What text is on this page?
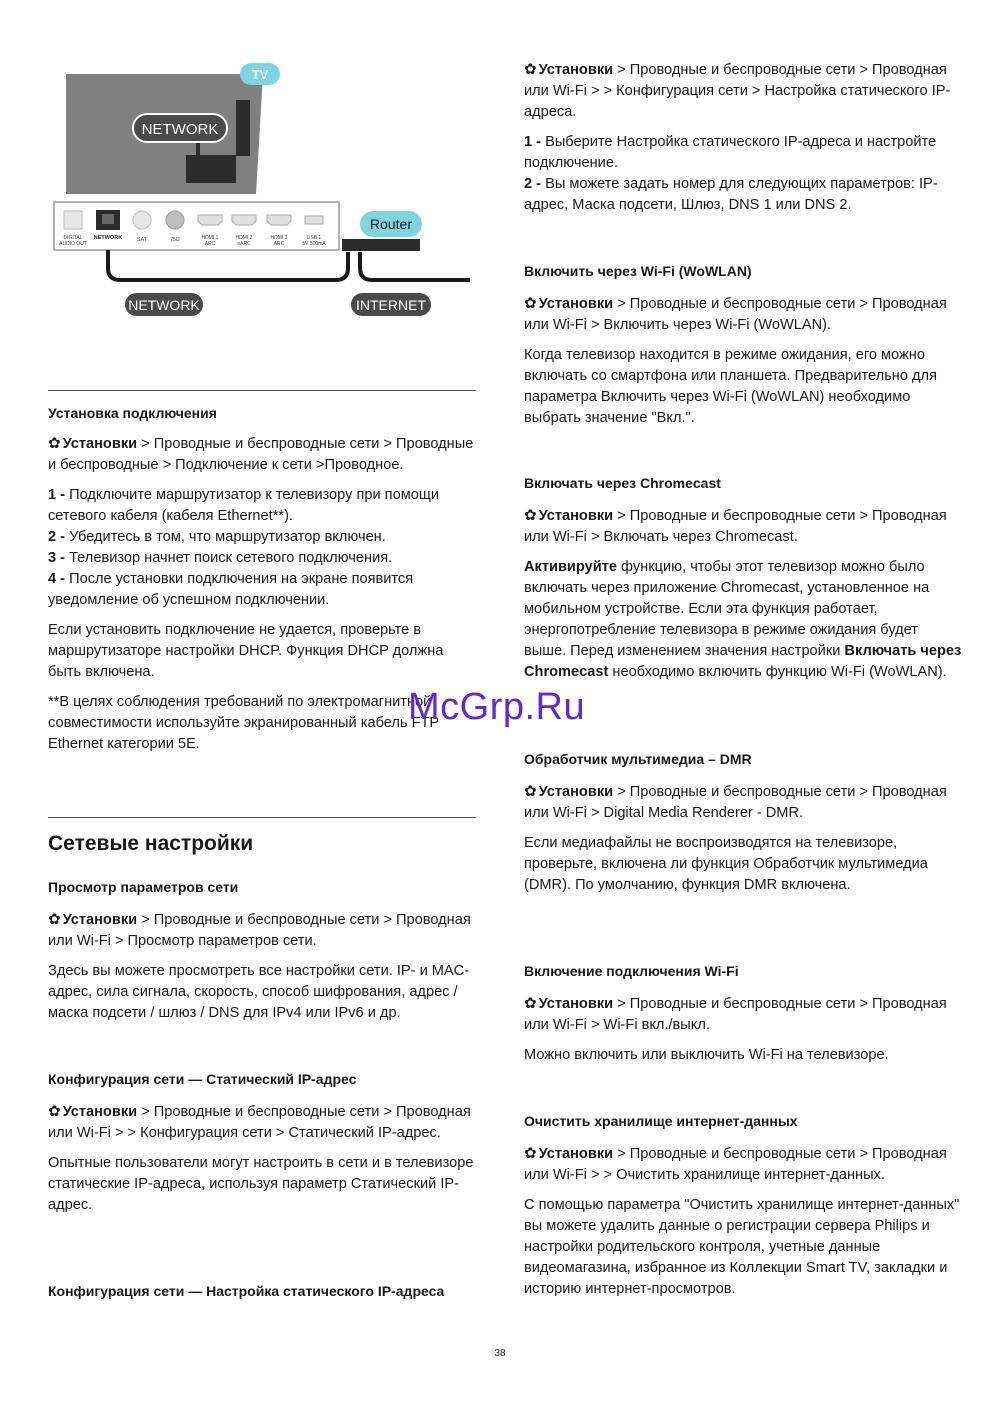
TV
NETWORK
DIGITAL
AUDIO OUT
NETWORK	SAT	75Ω	HDMI 1
ARC
HDMI 2
eARC
HDMI 3
ARC
USB 1
5V 500mA
Router
NETWORK	INTERNET

Установка подключения

✿ Установки > Проводные и беспроводные сети > Проводные и беспроводные > Подключение к сети >Проводное.

1 - Подключите маршрутизатор к телевизору при помощи сетевого кабеля (кабеля Ethernet**).
2 - Убедитесь в том, что маршрутизатор включен.
3 - Телевизор начнет поиск сетевого подключения.
4 - После установки подключения на экране появится уведомление об успешном подключении.

Если установить подключение не удается, проверьте в маршрутизаторе настройки DHCP. Функция DHCP должна быть включена.

**В целях соблюдения требований по электромагнитной совместимости используйте экранированный кабель FTP Ethernet категории 5E.

Сетевые настройки

Просмотр параметров сети

✿ Установки > Проводные и беспроводные сети > Проводная или Wi-Fi > Просмотр параметров сети.

Здесь вы можете просмотреть все настройки сети. IP- и MAC-адрес, сила сигнала, скорость, способ шифрования, адрес / маска подсети / шлюз / DNS для IPv4 или IPv6 и др.

Конфигурация сети — Статический IP-адрес

✿ Установки > Проводные и беспроводные сети > Проводная или Wi-Fi > > Конфигурация сети > Статический IP-адрес.

Опытные пользователи могут настроить в сети и в телевизоре статические IP-адреса, используя параметр Статический IP-адрес.

Конфигурация сети — Настройка статического IP-адреса

✿ Установки > Проводные и беспроводные сети > Проводная или Wi-Fi > > Конфигурация сети > Настройка статического IP-адреса.

1 - Выберите Настройка статического IP-адреса и настройте подключение.
2 - Вы можете задать номер для следующих параметров: IP-адрес, Маска подсети, Шлюз, DNS 1 или DNS 2.

Включить через Wi-Fi (WoWLAN)

✿ Установки > Проводные и беспроводные сети > Проводная или Wi-Fi > Включить через Wi-Fi (WoWLAN).

Когда телевизор находится в режиме ожидания, его можно включать со смартфона или планшета. Предварительно для параметра Включить через Wi-Fi (WoWLAN) необходимо выбрать значение "Вкл.".

Включать через Chromecast

✿ Установки > Проводные и беспроводные сети > Проводная или Wi-Fi > Включать через Chromecast.

Активируйте функцию, чтобы этот телевизор можно было включать через приложение Chromecast, установленное на мобильном устройстве. Если эта функция работает, энергопотребление телевизора в режиме ожидания будет выше. Перед изменением значения настройки Включать через Chromecast необходимо включить функцию Wi-Fi (WoWLAN).

Обработчик мультимедиа – DMR

✿ Установки > Проводные и беспроводные сети > Проводная или Wi-Fi > Digital Media Renderer - DMR.

Если медиафайлы не воспроизводятся на телевизоре, проверьте, включена ли функция Обработчик мультимедиа (DMR). По умолчанию, функция DMR включена.

Включение подключения Wi-Fi

✿ Установки > Проводные и беспроводные сети > Проводная или Wi-Fi > Wi-Fi вкл./выкл.

Можно включить или выключить Wi-Fi на телевизоре.

Очистить хранилище интернет-данных

✿ Установки > Проводные и беспроводные сети > Проводная или Wi-Fi > > Очистить хранилище интернет-данных.

С помощью параметра "Очистить хранилище интернет-данных" вы можете удалить данные о регистрации сервера Philips и настройки родительского контроля, учетные данные видеомагазина, избранное из Коллекции Smart TV, закладки и историю интернет-просмотров.

McGrp.Ru
38
